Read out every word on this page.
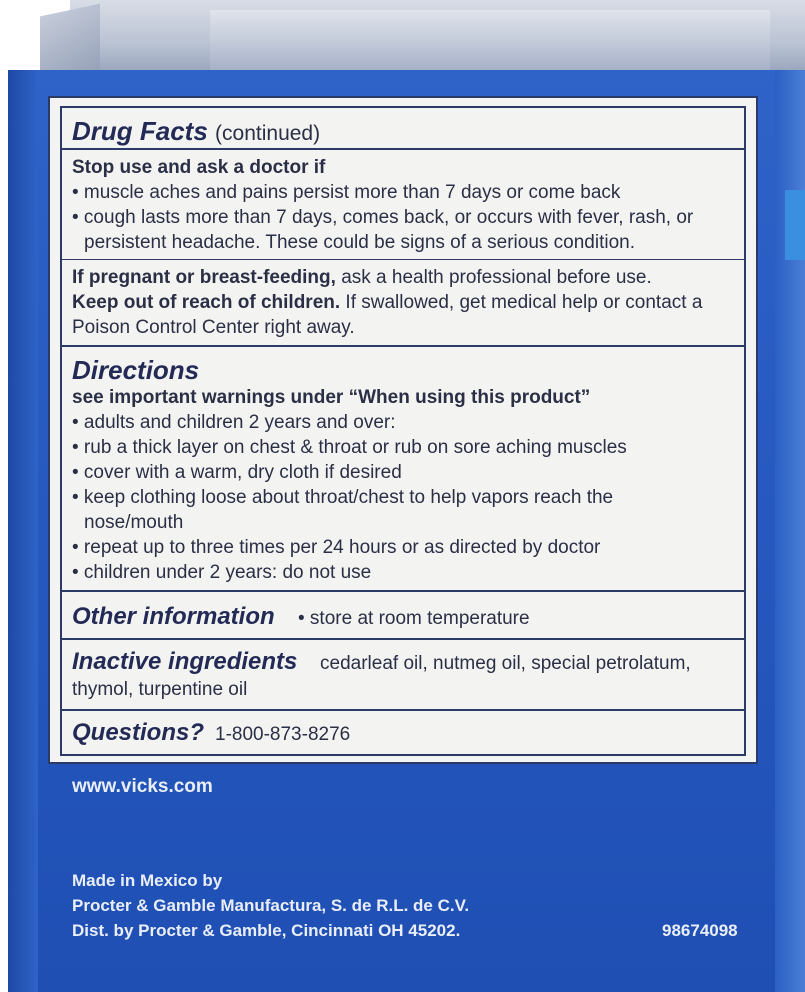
Drug Facts (continued)
Stop use and ask a doctor if
• muscle aches and pains persist more than 7 days or come back
• cough lasts more than 7 days, comes back, or occurs with fever, rash, or
persistent headache. These could be signs of a serious condition.
If pregnant or breast-feeding, ask a health professional before use.
Keep out of reach of children. If swallowed, get medical help or contact a
Poison Control Center right away.
Directions
see important warnings under “When using this product”
• adults and children 2 years and over:
• rub a thick layer on chest & throat or rub on sore aching muscles
• cover with a warm, dry cloth if desired
• keep clothing loose about throat/chest to help vapors reach the
nose/mouth
• repeat up to three times per 24 hours or as directed by doctor
• children under 2 years: do not use
Other information • store at room temperature
Inactive ingredients cedarleaf oil, nutmeg oil, special petrolatum,
thymol, turpentine oil
Questions? 1-800-873-8276
www.vicks.com
Made in Mexico by
Procter & Gamble Manufactura, S. de R.L. de C.V.
Dist. by Procter & Gamble, Cincinnati OH 45202.	98674098
